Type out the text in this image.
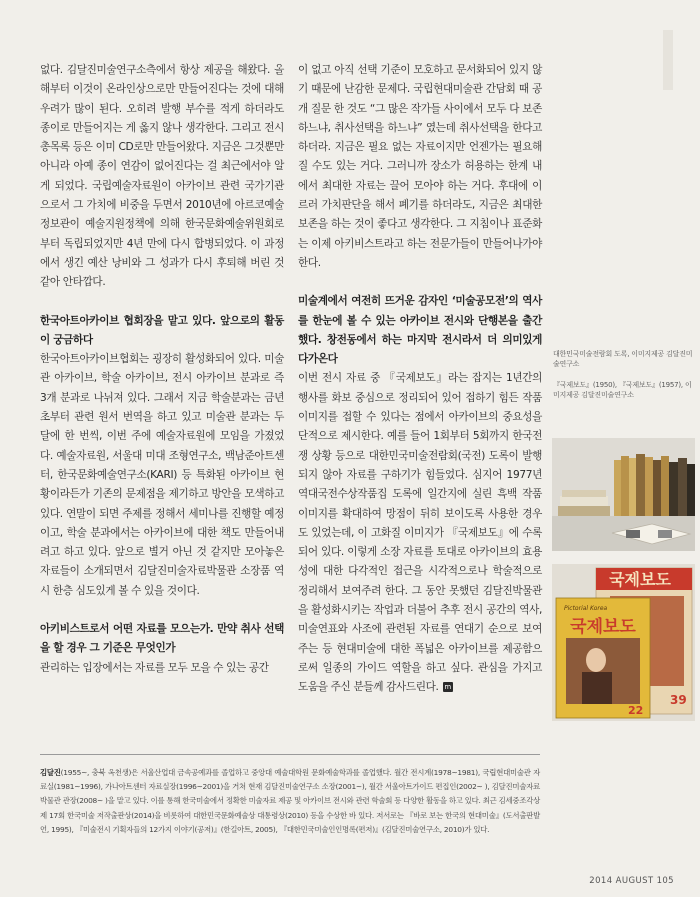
없다. 김달진미술연구소측에서 항상 제공을 해왔다. 올해부터 이것이 온라인상으로만 만들어진다는 것에 대해 우려가 많이 된다. 오히려 발행 부수를 적게 하더라도 종이로 만들어지는 게 옳지 않나 생각한다. 그리고 전시 총목록 등은 이미 CD로만 만들어왔다. 지금은 그것뿐만 아니라 아예 종이 연감이 없어진다는 걸 최근에서야 알게 되었다. 국립예술자료원이 아카이브 관련 국가기관으로서 그 가치에 비중을 두면서 2010년에 아르코예술정보관이 예술지원정책에 의해 한국문화예술위원회로부터 독립되었지만 4년 만에 다시 합병되었다. 이 과정에서 생긴 예산 낭비와 그 성과가 다시 후퇴해 버린 것 같아 안타깝다.

한국아트아카이브 협회장을 맡고 있다. 앞으로의 활동이 궁금하다

한국아트아카이브협회는 굉장히 활성화되어 있다. 미술관 아카이브, 학술 아카이브, 전시 아카이브 분과로 즉 3개 분과로 나뉘져 있다. 그래서 지금 학술분과는 금년 초부터 관련 원서 번역을 하고 있고 미술관 분과는 두 달에 한 번씩, 이번 주에 예술자료원에 모임을 가졌었다. 예술자료원, 서울대 미대 조형연구소, 백남준아트센터, 한국문화예술연구소(KARI) 등 특화된 아카이브 현황이라든가 기존의 문제점을 제기하고 방안을 모색하고 있다. 연말이 되면 주제를 정해서 세미나를 진행할 예정이고, 학술 분과에서는 아카이브에 대한 책도 만들어내려고 하고 있다. 앞으로 별거 아닌 것 같지만 모아놓은 자료들이 소개되면서 김달진미술자료박물관 소장품 역시 한층 심도있게 볼 수 있을 것이다.

아키비스트로서 어떤 자료를 모으는가. 만약 취사 선택을 할 경우 그 기준은 무엇인가

관리하는 입장에서는 자료를 모두 모을 수 있는 공간

이 없고 아직 선택 기준이 모호하고 문서화되어 있지 않기 때문에 난감한 문제다. 국립현대미술관 간담회 때 공개 질문 한 것도 “그 많은 작가들 사이에서 모두 다 보존하느냐, 취사선택을 하느냐” 였는데 취사선택을 한다고 하더라. 지금은 필요 없는 자료이지만 언젠가는 필요해 질 수도 있는 거다. 그러니까 장소가 허용하는 한계 내에서 최대한 자료는 끌어 모아야 하는 거다. 후대에 이르러 가치판단을 해서 폐기를 하더라도, 지금은 최대한 보존을 하는 것이 좋다고 생각한다. 그 지침이나 표준화는 이제 아키비스트라고 하는 전문가들이 만들어나가야 한다.

미술계에서 여전히 뜨거운 감자인 ‘미술공모전’의 역사를 한눈에 볼 수 있는 아카이브 전시와 단행본을 출간했다. 창전동에서 하는 마지막 전시라서 더 의미있게 다가온다

이번 전시 자료 중 『국제보도』라는 잡지는 1년간의 행사를 화보 중심으로 정리되어 있어 접하기 힘든 작품 이미지를 접할 수 있다는 점에서 아카이브의 중요성을 단적으로 제시한다. 예를 들어 1회부터 5회까지 한국전쟁 상황 등으로 대한민국미술전람회(국전) 도록이 발행되지 않아 자료를 구하기가 힘들었다. 심지어 1977년 역대국전수상작품집 도록에 일간지에 실린 흑백 작품 이미지를 확대하여 망점이 뒤히 보이도록 사용한 경우도 있었는데, 이 고화질 이미지가 『국제보도』에 수록되어 있다. 이렇게 소장 자료를 토대로 아카이브의 효용성에 대한 다각적인 접근을 시각적으로나 학술적으로 정리해서 보여주려 한다. 그 동안 못했던 김달진박물관을 활성화시키는 작업과 더불어 추후 전시 공간의 역사, 미술연표와 사조에 관련된 자료를 연대기 순으로 보여주는 등 현대미술에 대한 폭넓은 아카이브를 제공함으로써 일종의 가이드 역할을 하고 싶다. 관심을 가지고 도움을 주신 분들께 감사드린다. m

대한민국미술전람회 도록, 이미지제공 김달진미술연구소
『국제보도』(1950), 『국제보도』(1957), 이미지제공 김달진미술연구소
국제보도
39
Pictorial Korea
국제보도
22
김달진(1955~, 충북 옥천생)은 서울산업대 금속공예과를 졸업하고 중앙대 예술대학원 문화예술학과를 졸업했다. 월간 전시계(1978~1981), 국립현대미술관 자료실(1981~1996), 가나아트센터 자료실장(1996~2001)을 거쳐 현재 김달진미술연구소 소장(2001~), 월간 서울아트가이드 편집인(2002~ ), 김달진미술자료박물관 관장(2008~ )을 맡고 있다. 이를 통해 한국미술에서 정확한 미술자료 제공 및 아카이브 전시와 관련 학술회 등 다양한 활동을 하고 있다. 최근 김세중조각상 제 17회 한국미술 저작출판상(2014)을 비롯하여 대한민국문화예술상 대통령상(2010) 등을 수상한 바 있다. 저서로는 『바로 보는 한국의 현대미술』(도서출판발언, 1995), 『미술전시 기획자들의 12가지 이야기(공저)』(한길아트, 2005), 『대한민국미술인인명록(편저)』(김달진미술연구소, 2010)가 있다.
2014 AUGUST 105
